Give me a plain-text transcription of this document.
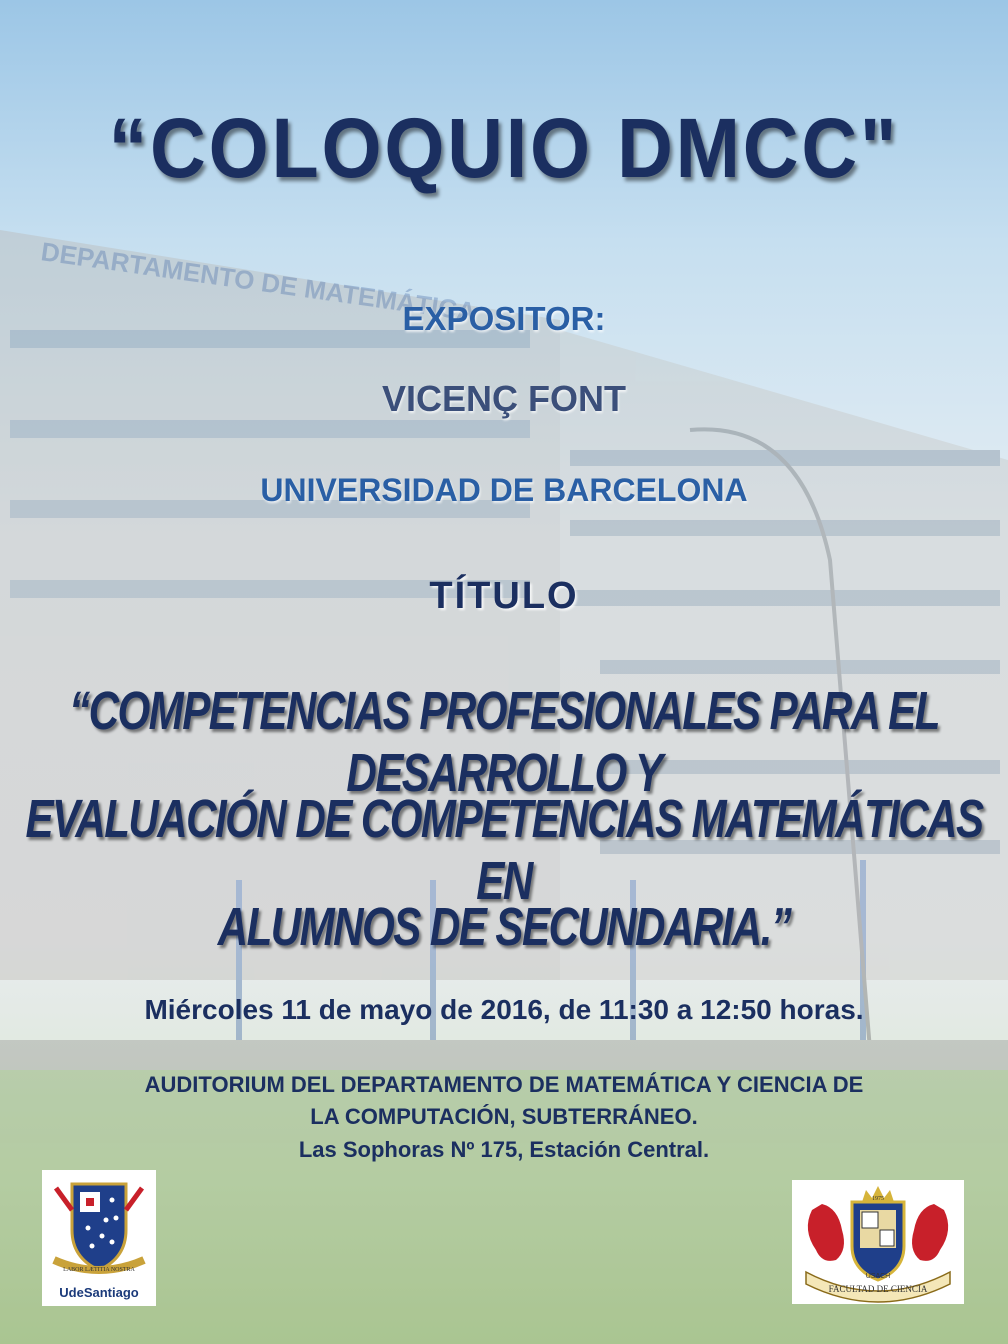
DEPARTAMENTO DE MATEMÁTICA
“COLOQUIO DMCC"
EXPOSITOR:
VICENÇ FONT
UNIVERSIDAD DE BARCELONA
TÍTULO
“COMPETENCIAS PROFESIONALES PARA EL DESARROLLO Y
EVALUACIÓN DE COMPETENCIAS MATEMÁTICAS EN
ALUMNOS DE SECUNDARIA.”
Miércoles 11 de mayo de 2016, de 11:30 a 12:50 horas.
AUDITORIUM DEL DEPARTAMENTO DE MATEMÁTICA Y CIENCIA DE
LA COMPUTACIÓN, SUBTERRÁNEO.
Las Sophoras Nº 175, Estación Central.
LABOR LÆTITIA NOSTRA
UdeSantiago
1975
FACULTAD DE CIENCIA
USACH
